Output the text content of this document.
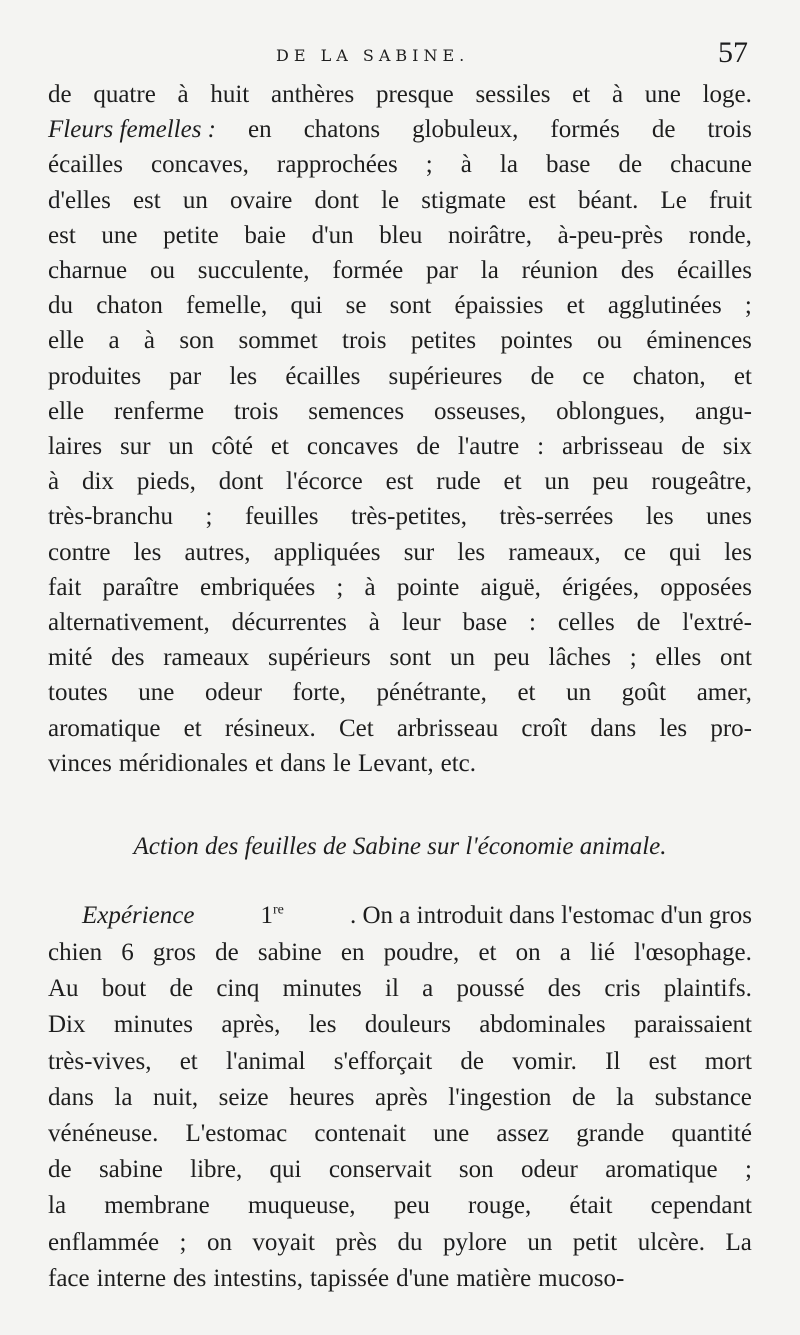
DE LA SABINE.	57
de quatre à huit anthères presque sessiles et à une loge.
Fleurs femelles : en chatons globuleux, formés de trois
écailles concaves, rapprochées ; à la base de chacune
d'elles est un ovaire dont le stigmate est béant. Le fruit
est une petite baie d'un bleu noirâtre, à-peu-près ronde,
charnue ou succulente, formée par la réunion des écailles
du chaton femelle, qui se sont épaissies et agglutinées ;
elle a à son sommet trois petites pointes ou éminences
produites par les écailles supérieures de ce chaton, et
elle renferme trois semences osseuses, oblongues, angu-
laires sur un côté et concaves de l'autre : arbrisseau de six
à dix pieds, dont l'écorce est rude et un peu rougeâtre,
très-branchu ; feuilles très-petites, très-serrées les unes
contre les autres, appliquées sur les rameaux, ce qui les
fait paraître embriquées ; à pointe aiguë, érigées, opposées
alternativement, décurrentes à leur base : celles de l'extré-
mité des rameaux supérieurs sont un peu lâches ; elles ont
toutes une odeur forte, pénétrante, et un goût amer,
aromatique et résineux. Cet arbrisseau croît dans les pro-
vinces méridionales et dans le Levant, etc.
Action des feuilles de Sabine sur l'économie animale.
Expérience	1re	. On a introduit dans l'estomac d'un gros
chien 6 gros de sabine en poudre, et on a lié l'œsophage.
Au bout de cinq minutes il a poussé des cris plaintifs.
Dix minutes après, les douleurs abdominales paraissaient
très-vives, et l'animal s'efforçait de vomir. Il est mort
dans la nuit, seize heures après l'ingestion de la substance
vénéneuse. L'estomac contenait une assez grande quantité
de sabine libre, qui conservait son odeur aromatique ;
la membrane muqueuse, peu rouge, était cependant
enflammée ; on voyait près du pylore un petit ulcère. La
face interne des intestins, tapissée d'une matière mucoso-
